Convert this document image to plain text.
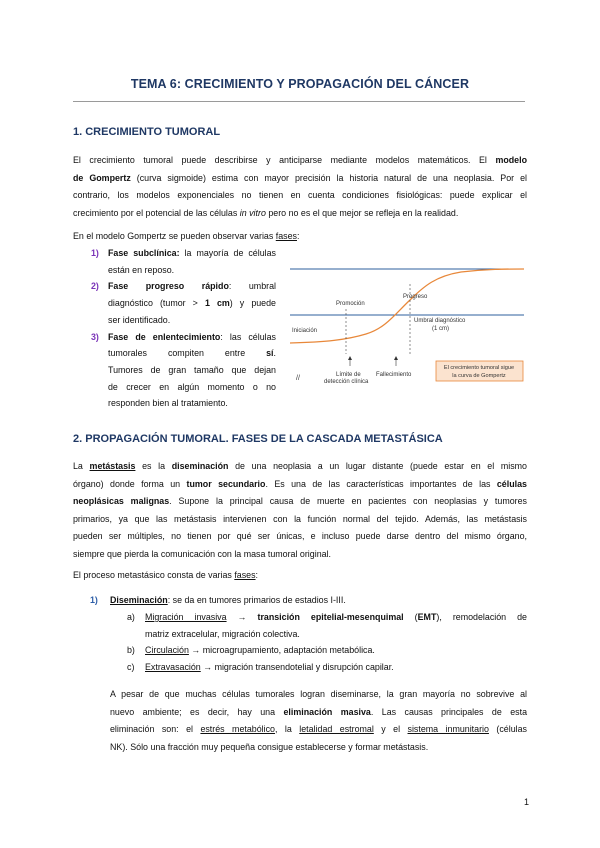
TEMA 6: CRECIMIENTO Y PROPAGACIÓN DEL CÁNCER
1. CRECIMIENTO TUMORAL
El crecimiento tumoral puede describirse y anticiparse mediante modelos matemáticos. El modelo
de Gompertz (curva sigmoide) estima con mayor precisión la historia natural de una neoplasia. Por el
contrario, los modelos exponenciales no tienen en cuenta condiciones fisiológicas: puede explicar el
crecimiento por el potencial de las células in vitro pero no es el que mejor se refleja en la realidad.
En el modelo Gompertz se pueden observar varias fases:
1) Fase subclínica: la mayoría de células
están en reposo.
2) Fase progreso rápido: umbral
diagnóstico (tumor > 1 cm) y puede
ser identificado.
3) Fase de enlentecimiento: las células
tumorales compiten entre sí.
Tumores de gran tamaño que dejan
de crecer en algún momento o no
responden bien al tratamiento.
Progreso
Promoción
Umbral diagnóstico
(1 cm)
Iniciación
Límite de
detección clínica
Fallecimiento
//
El crecimiento tumoral sigue
la curva de Gompertz
2. PROPAGACIÓN TUMORAL. FASES DE LA CASCADA METASTÁSICA
La metástasis es la diseminación de una neoplasia a un lugar distante (puede estar en el mismo
órgano) donde forma un tumor secundario. Es una de las características importantes de las células
neoplásicas malignas. Supone la principal causa de muerte en pacientes con neoplasias y tumores
primarios, ya que las metástasis intervienen con la función normal del tejido. Además, las metástasis
pueden ser múltiples, no tienen por qué ser únicas, e incluso puede darse dentro del mismo órgano,
siempre que pierda la comunicación con la masa tumoral original.
El proceso metastásico consta de varias fases:
1) Diseminación: se da en tumores primarios de estadios I-III.
a) Migración invasiva → transición epitelial-mesenquimal (EMT), remodelación de
matriz extracelular, migración colectiva.
b) Circulación → microagrupamiento, adaptación metabólica.
c) Extravasación → migración transendotelial y disrupción capilar.
A pesar de que muchas células tumorales logran diseminarse, la gran mayoría no sobrevive al
nuevo ambiente; es decir, hay una eliminación masiva. Las causas principales de esta
eliminación son: el estrés metabólico, la letalidad estromal y el sistema inmunitario (células
NK). Sólo una fracción muy pequeña consigue establecerse y formar metástasis.
1
